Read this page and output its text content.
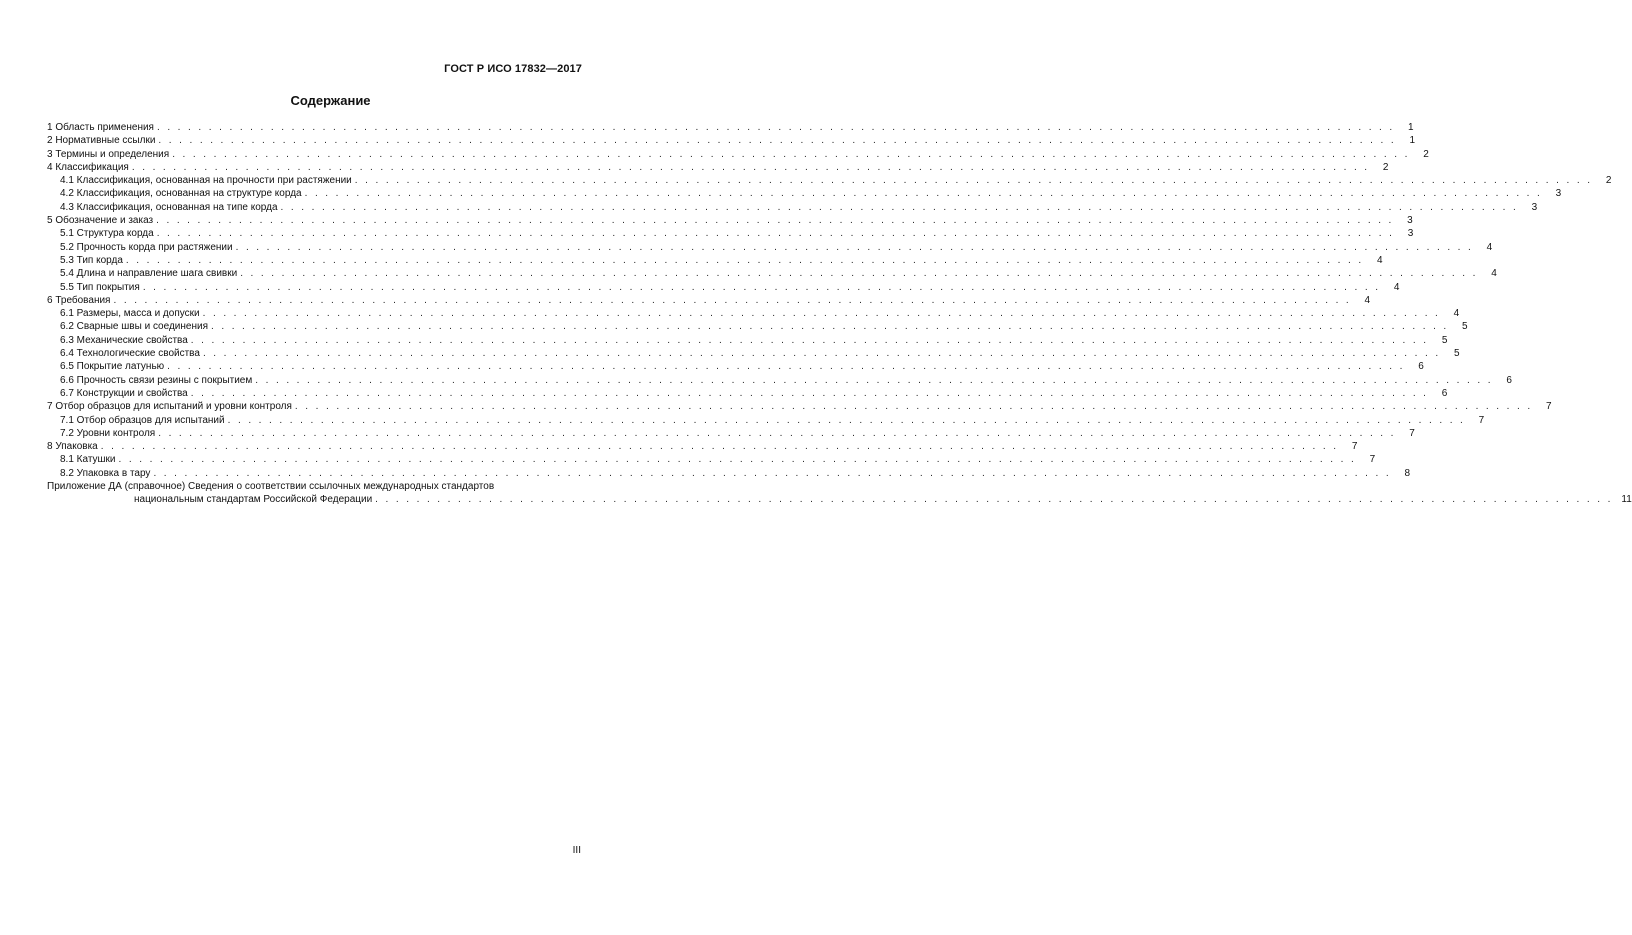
ГОСТ Р ИСО 17832—2017
Содержание
1 Область применения . . . . . . . . . . . . . . . . . . . . . . . . . . . . . . . . . . . . . . . . . . . . . . . . . . . . . . . . . . . . . . . . . . . . . . . . . . . . . . . . . . . . . . . . . . . . . . . . . . . . . . . . . . . . . . . . . . . . . . . .	1
2 Нормативные ссылки . . . . . . . . . . . . . . . . . . . . . . . . . . . . . . . . . . . . . . . . . . . . . . . . . . . . . . . . . . . . . . . . . . . . . . . . . . . . . . . . . . . . . . . . . . . . . . . . . . . . . . . . . . . . . . . . . . . . . . . .	1
3 Термины и определения . . . . . . . . . . . . . . . . . . . . . . . . . . . . . . . . . . . . . . . . . . . . . . . . . . . . . . . . . . . . . . . . . . . . . . . . . . . . . . . . . . . . . . . . . . . . . . . . . . . . . . . . . . . . . . . . . . . . . . . .	2
4 Классификация . . . . . . . . . . . . . . . . . . . . . . . . . . . . . . . . . . . . . . . . . . . . . . . . . . . . . . . . . . . . . . . . . . . . . . . . . . . . . . . . . . . . . . . . . . . . . . . . . . . . . . . . . . . . . . . . . . . . . . . .	2
4.1 Классификация, основанная на прочности при растяжении . . . . . . . . . . . . . . . . . . . . . . . . . . . . . . . . . . . . . . . . . . . . . . . . . . . . . . . . . . . . . . . . . . . . . . . . . . . . . . . . . . . . . . . . . . . . . . . . . . . . . . . . . . . . . . . . . . . . . . . .	2
4.2 Классификация, основанная на структуре корда . . . . . . . . . . . . . . . . . . . . . . . . . . . . . . . . . . . . . . . . . . . . . . . . . . . . . . . . . . . . . . . . . . . . . . . . . . . . . . . . . . . . . . . . . . . . . . . . . . . . . . . . . . . . . . . . . . . . . . . .	3
4.3 Классификация, основанная на типе корда . . . . . . . . . . . . . . . . . . . . . . . . . . . . . . . . . . . . . . . . . . . . . . . . . . . . . . . . . . . . . . . . . . . . . . . . . . . . . . . . . . . . . . . . . . . . . . . . . . . . . . . . . . . . . . . . . . . . . . . .	3
5 Обозначение и заказ . . . . . . . . . . . . . . . . . . . . . . . . . . . . . . . . . . . . . . . . . . . . . . . . . . . . . . . . . . . . . . . . . . . . . . . . . . . . . . . . . . . . . . . . . . . . . . . . . . . . . . . . . . . . . . . . . . . . . . . .	3
5.1 Структура корда . . . . . . . . . . . . . . . . . . . . . . . . . . . . . . . . . . . . . . . . . . . . . . . . . . . . . . . . . . . . . . . . . . . . . . . . . . . . . . . . . . . . . . . . . . . . . . . . . . . . . . . . . . . . . . . . . . . . . . . .	3
5.2 Прочность корда при растяжении . . . . . . . . . . . . . . . . . . . . . . . . . . . . . . . . . . . . . . . . . . . . . . . . . . . . . . . . . . . . . . . . . . . . . . . . . . . . . . . . . . . . . . . . . . . . . . . . . . . . . . . . . . . . . . . . . . . . . . . .	4
5.3 Тип корда . . . . . . . . . . . . . . . . . . . . . . . . . . . . . . . . . . . . . . . . . . . . . . . . . . . . . . . . . . . . . . . . . . . . . . . . . . . . . . . . . . . . . . . . . . . . . . . . . . . . . . . . . . . . . . . . . . . . . . . .	4
5.4 Длина и направление шага свивки . . . . . . . . . . . . . . . . . . . . . . . . . . . . . . . . . . . . . . . . . . . . . . . . . . . . . . . . . . . . . . . . . . . . . . . . . . . . . . . . . . . . . . . . . . . . . . . . . . . . . . . . . . . . . . . . . . . . . . . .	4
5.5 Тип покрытия . . . . . . . . . . . . . . . . . . . . . . . . . . . . . . . . . . . . . . . . . . . . . . . . . . . . . . . . . . . . . . . . . . . . . . . . . . . . . . . . . . . . . . . . . . . . . . . . . . . . . . . . . . . . . . . . . . . . . . . .	4
6 Требования . . . . . . . . . . . . . . . . . . . . . . . . . . . . . . . . . . . . . . . . . . . . . . . . . . . . . . . . . . . . . . . . . . . . . . . . . . . . . . . . . . . . . . . . . . . . . . . . . . . . . . . . . . . . . . . . . . . . . . . .	4
6.1 Размеры, масса и допуски . . . . . . . . . . . . . . . . . . . . . . . . . . . . . . . . . . . . . . . . . . . . . . . . . . . . . . . . . . . . . . . . . . . . . . . . . . . . . . . . . . . . . . . . . . . . . . . . . . . . . . . . . . . . . . . . . . . . . . . .	4
6.2 Сварные швы и соединения . . . . . . . . . . . . . . . . . . . . . . . . . . . . . . . . . . . . . . . . . . . . . . . . . . . . . . . . . . . . . . . . . . . . . . . . . . . . . . . . . . . . . . . . . . . . . . . . . . . . . . . . . . . . . . . . . . . . . . . .	5
6.3 Механические свойства . . . . . . . . . . . . . . . . . . . . . . . . . . . . . . . . . . . . . . . . . . . . . . . . . . . . . . . . . . . . . . . . . . . . . . . . . . . . . . . . . . . . . . . . . . . . . . . . . . . . . . . . . . . . . . . . . . . . . . . .	5
6.4 Технологические свойства . . . . . . . . . . . . . . . . . . . . . . . . . . . . . . . . . . . . . . . . . . . . . . . . . . . . . . . . . . . . . . . . . . . . . . . . . . . . . . . . . . . . . . . . . . . . . . . . . . . . . . . . . . . . . . . . . . . . . . . .	5
6.5 Покрытие латунью . . . . . . . . . . . . . . . . . . . . . . . . . . . . . . . . . . . . . . . . . . . . . . . . . . . . . . . . . . . . . . . . . . . . . . . . . . . . . . . . . . . . . . . . . . . . . . . . . . . . . . . . . . . . . . . . . . . . . . . .	6
6.6 Прочность связи резины с покрытием . . . . . . . . . . . . . . . . . . . . . . . . . . . . . . . . . . . . . . . . . . . . . . . . . . . . . . . . . . . . . . . . . . . . . . . . . . . . . . . . . . . . . . . . . . . . . . . . . . . . . . . . . . . . . . . . . . . . . . . .	6
6.7 Конструкции и свойства . . . . . . . . . . . . . . . . . . . . . . . . . . . . . . . . . . . . . . . . . . . . . . . . . . . . . . . . . . . . . . . . . . . . . . . . . . . . . . . . . . . . . . . . . . . . . . . . . . . . . . . . . . . . . . . . . . . . . . . .	6
7 Отбор образцов для испытаний и уровни контроля . . . . . . . . . . . . . . . . . . . . . . . . . . . . . . . . . . . . . . . . . . . . . . . . . . . . . . . . . . . . . . . . . . . . . . . . . . . . . . . . . . . . . . . . . . . . . . . . . . . . . . . . . . . . . . . . . . . . . . . .	7
7.1 Отбор образцов для испытаний . . . . . . . . . . . . . . . . . . . . . . . . . . . . . . . . . . . . . . . . . . . . . . . . . . . . . . . . . . . . . . . . . . . . . . . . . . . . . . . . . . . . . . . . . . . . . . . . . . . . . . . . . . . . . . . . . . . . . . . .	7
7.2 Уровни контроля . . . . . . . . . . . . . . . . . . . . . . . . . . . . . . . . . . . . . . . . . . . . . . . . . . . . . . . . . . . . . . . . . . . . . . . . . . . . . . . . . . . . . . . . . . . . . . . . . . . . . . . . . . . . . . . . . . . . . . . .	7
8 Упаковка . . . . . . . . . . . . . . . . . . . . . . . . . . . . . . . . . . . . . . . . . . . . . . . . . . . . . . . . . . . . . . . . . . . . . . . . . . . . . . . . . . . . . . . . . . . . . . . . . . . . . . . . . . . . . . . . . . . . . . . .	7
8.1 Катушки . . . . . . . . . . . . . . . . . . . . . . . . . . . . . . . . . . . . . . . . . . . . . . . . . . . . . . . . . . . . . . . . . . . . . . . . . . . . . . . . . . . . . . . . . . . . . . . . . . . . . . . . . . . . . . . . . . . . . . . .	7
8.2 Упаковка в тару . . . . . . . . . . . . . . . . . . . . . . . . . . . . . . . . . . . . . . . . . . . . . . . . . . . . . . . . . . . . . . . . . . . . . . . . . . . . . . . . . . . . . . . . . . . . . . . . . . . . . . . . . . . . . . . . . . . . . . . .	8
Приложение ДА (справочное) Сведения о соответствии ссылочных международных стандартов
национальным стандартам Российской Федерации . . . . . . . . . . . . . . . . . . . . . . . . . . . . . . . . . . . . . . . . . . . . . . . . . . . . . . . . . . . . . . . . . . . . . . . . . . . . . . . . . . . . . . . . . . . . . . . . . . . . . . . . . . . . . . . . . . . . . . . . 11
III
